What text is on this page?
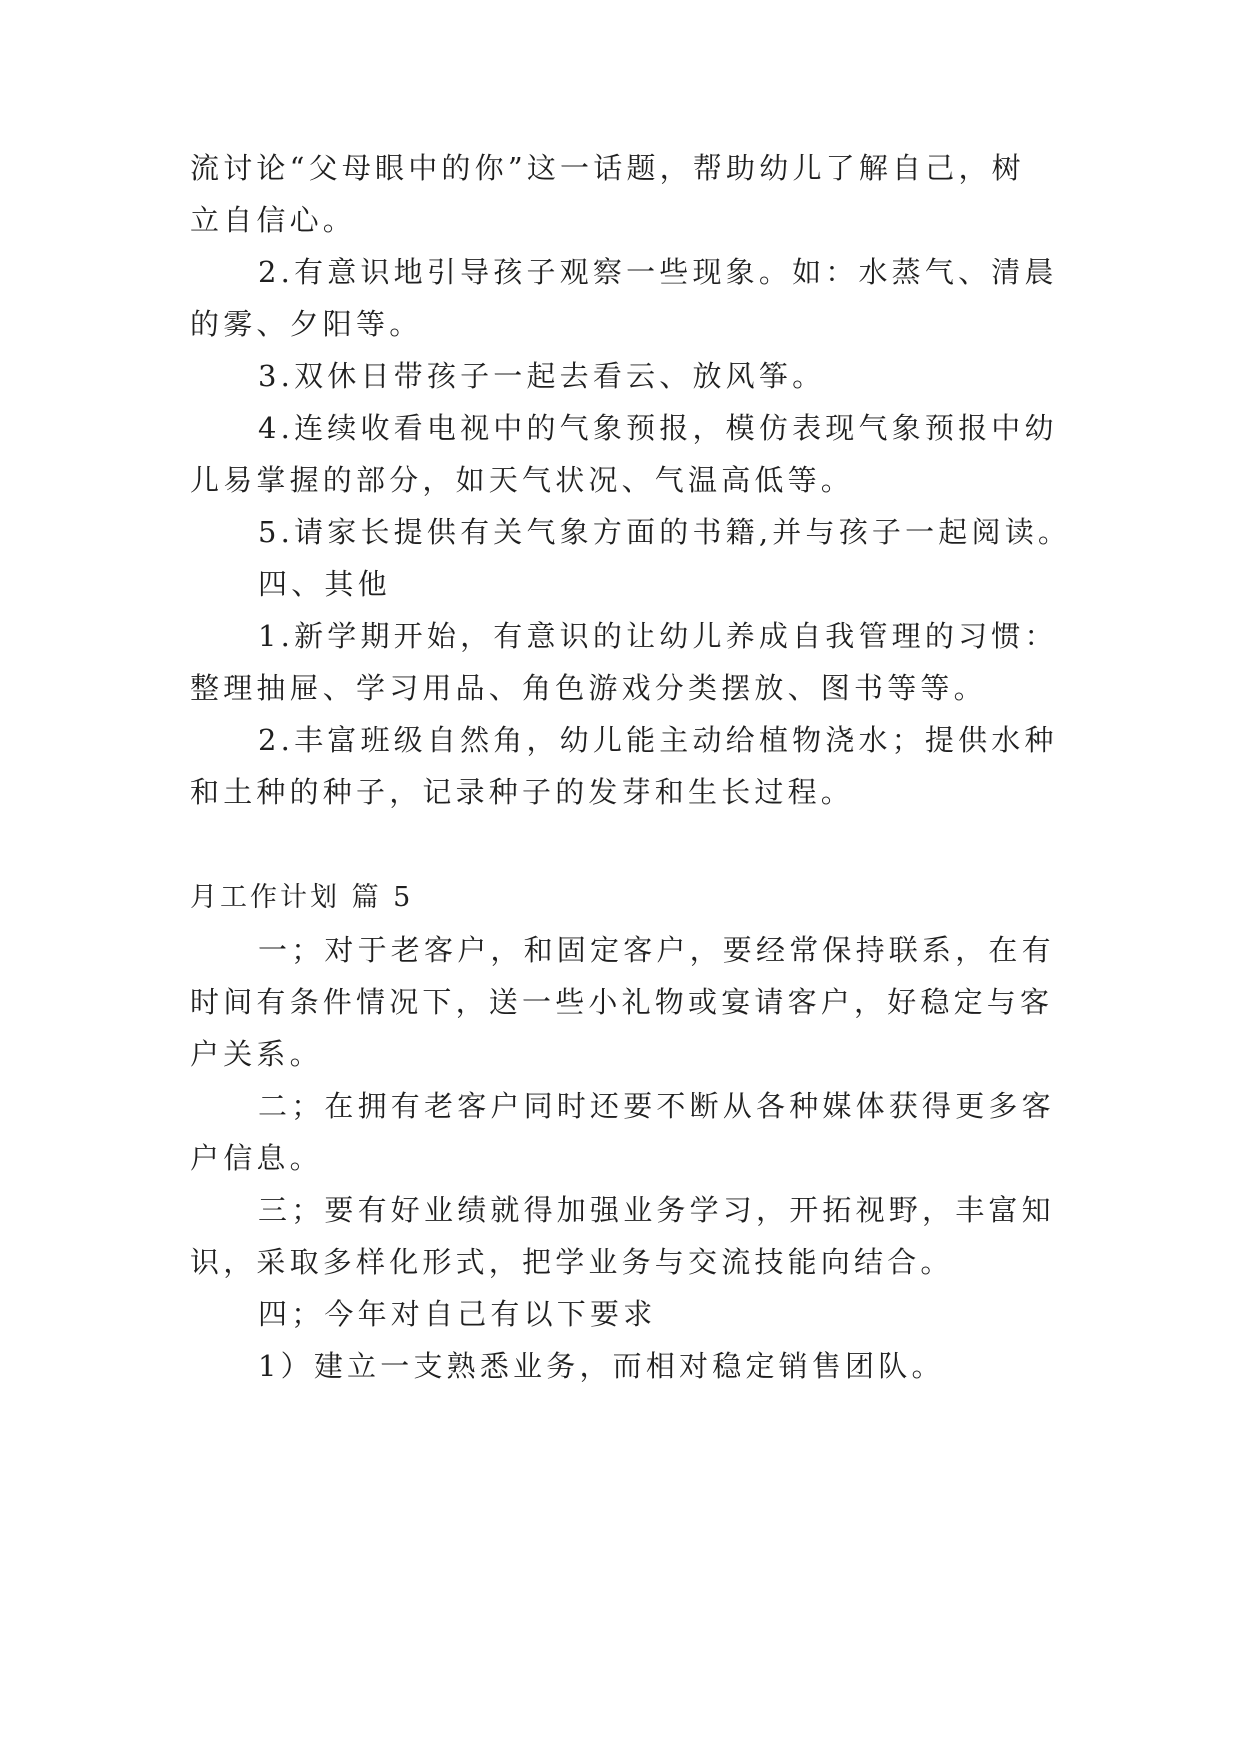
流讨论“父母眼中的你”这一话题，帮助幼儿了解自己，树
立自信心。
2.有意识地引导孩子观察一些现象。如：水蒸气、清晨
的雾、夕阳等。
3.双休日带孩子一起去看云、放风筝。
4.连续收看电视中的气象预报，模仿表现气象预报中幼
儿易掌握的部分，如天气状况、气温高低等。
5.请家长提供有关气象方面的书籍,并与孩子一起阅读。
四、其他
1.新学期开始，有意识的让幼儿养成自我管理的习惯：
整理抽屉、学习用品、角色游戏分类摆放、图书等等。
2.丰富班级自然角，幼儿能主动给植物浇水；提供水种
和土种的种子，记录种子的发芽和生长过程。
月工作计划 篇 5
一；对于老客户，和固定客户，要经常保持联系，在有
时间有条件情况下，送一些小礼物或宴请客户，好稳定与客
户关系。
二；在拥有老客户同时还要不断从各种媒体获得更多客
户信息。
三；要有好业绩就得加强业务学习，开拓视野，丰富知
识，采取多样化形式，把学业务与交流技能向结合。
四；今年对自己有以下要求
1）建立一支熟悉业务，而相对稳定销售团队。
